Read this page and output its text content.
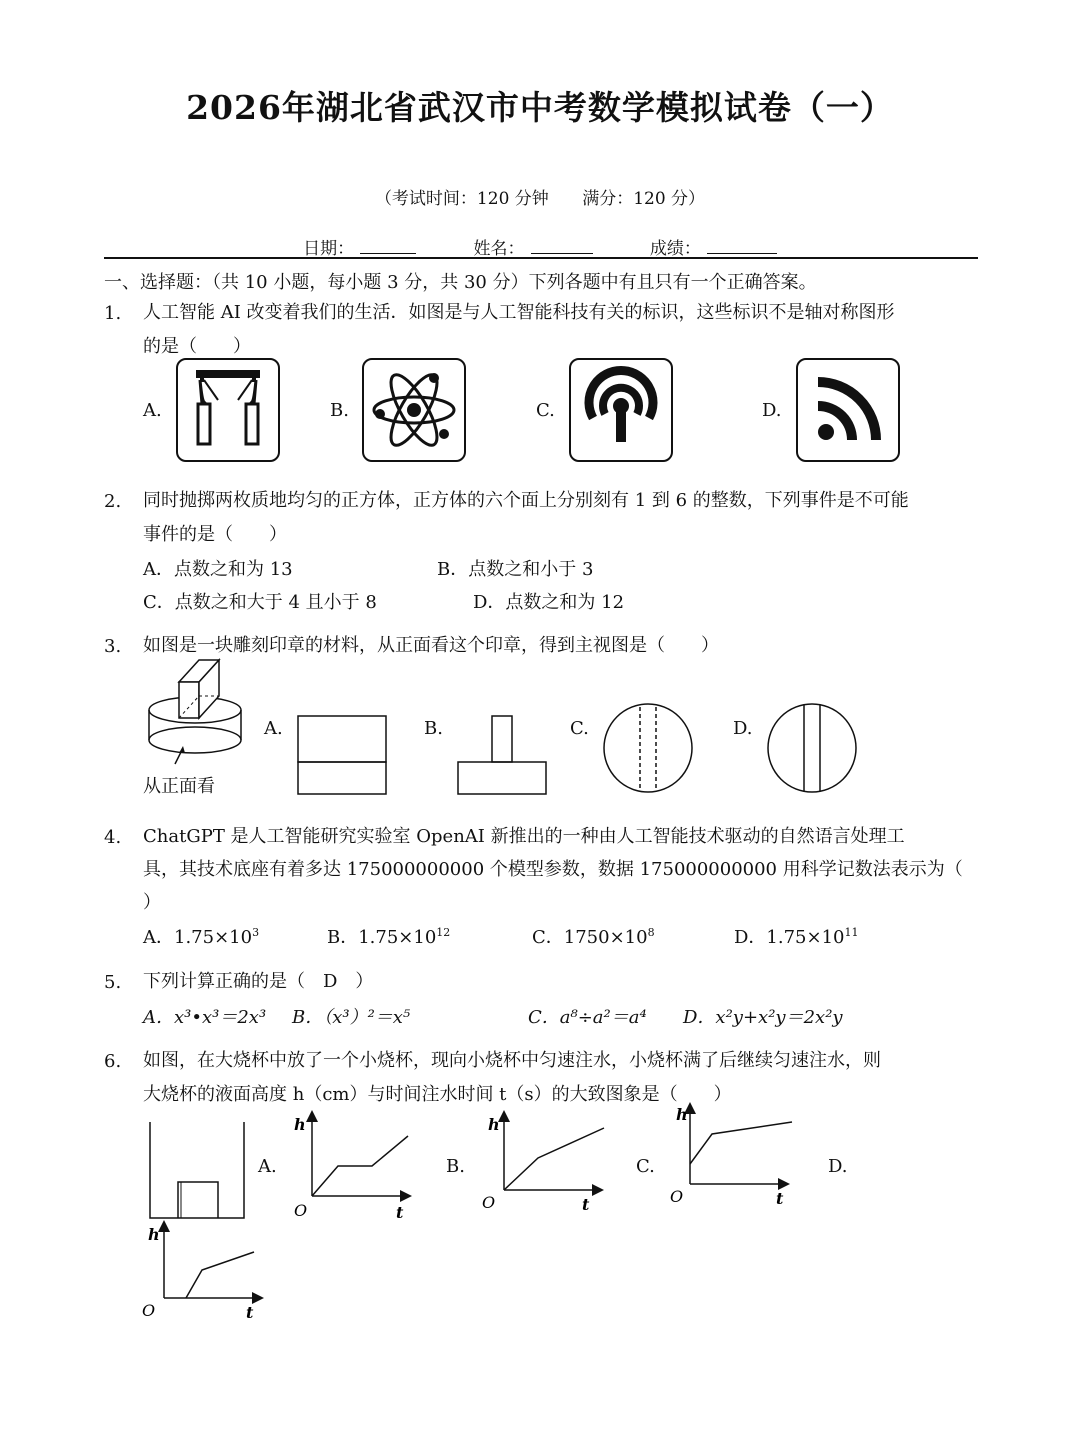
2026年湖北省武汉市中考数学模拟试卷（一）
（考试时间：120 分钟 满分：120 分）
日期：	姓名：	成绩：
一、选择题：（共 10 小题，每小题 3 分，共 30 分）下列各题中有且只有一个正确答案。
1. 人工智能 AI 改变着我们的生活．如图是与人工智能科技有关的标识，这些标识不是轴对称图形
的是（　　）
A.	B.	C.	D.
2. 同时抛掷两枚质地均匀的正方体，正方体的六个面上分别刻有 1 到 6 的整数，下列事件是不可能
事件的是（　　）
A．点数之和为 13	B．点数之和小于 3
C．点数之和大于 4 且小于 8	D．点数之和为 12
3. 如图是一块雕刻印章的材料，从正面看这个印章，得到主视图是（　　）
从正面看
A.	B.	C.	D.
4. ChatGPT 是人工智能研究实验室 OpenAI 新推出的一种由人工智能技术驱动的自然语言处理工
具，其技术底座有着多达 175000000000 个模型参数，数据 175000000000 用科学记数法表示为（
）
A．$1.75\times 10^3$	B．$1.75\times 10^{12}$	C．$1750\times 10^8$	D．$1.75\times 10^{11}$
5. 下列计算正确的是（　D　）
A．x³•x³＝2x³ B．（x³）²＝x⁵	C．a⁸÷a²＝a⁴ D．x²y+x²y＝2x²y
6. 如图，在大烧杯中放了一个小烧杯，现向小烧杯中匀速注水，小烧杯满了后继续匀速注水，则
大烧杯的液面高度 h（cm）与时间注水时间 t（s）的大致图象是（　　）
A.
h
O	t
B.
h
O	t
C.
h
O	t
D.
h
O	t
